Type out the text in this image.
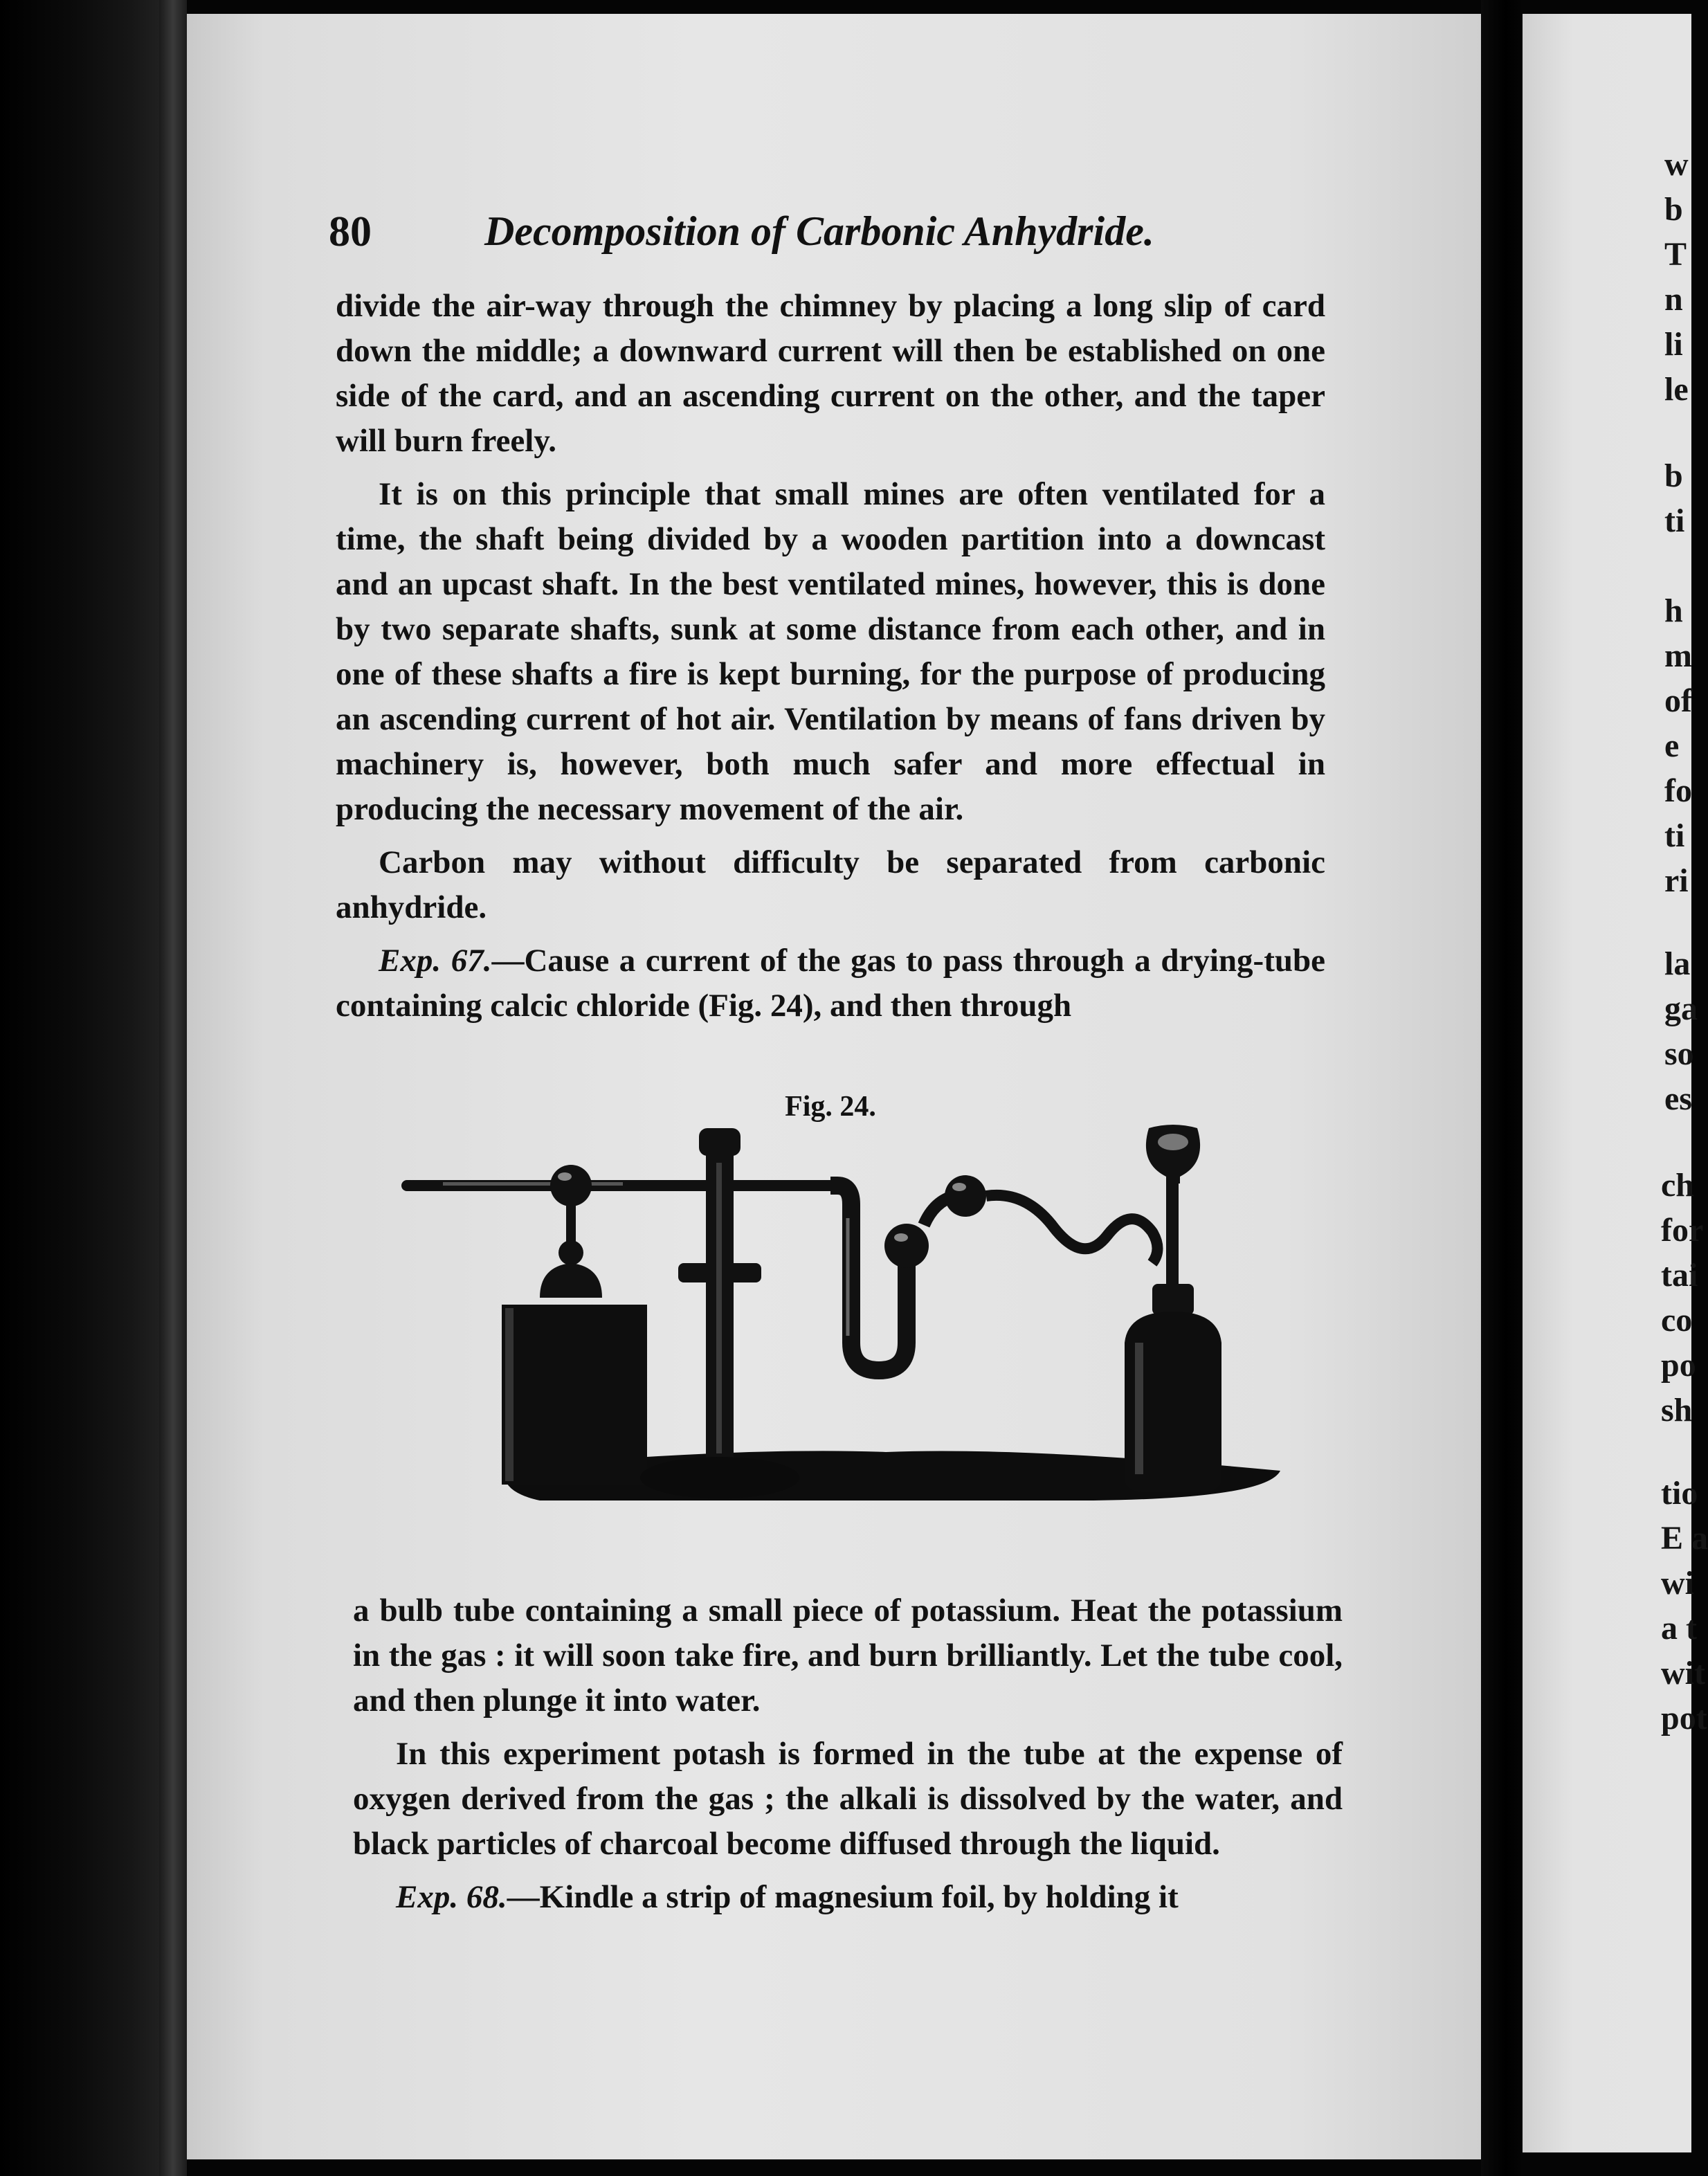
w
b
T
n
li
le
b
ti
h
m
of
e
fo
ti
ri
la
ga
so
es
ch
for
tai
co
po
sh
tio
E a
wi
a t
wit
pot
80	Decomposition of Carbonic Anhydride.

divide the air-way through the chimney by placing a long slip of card down the middle; a downward current will then be established on one side of the card, and an ascending current on the other, and the taper will burn freely.

It is on this principle that small mines are often ventilated for a time, the shaft being divided by a wooden partition into a downcast and an upcast shaft. In the best ventilated mines, however, this is done by two separate shafts, sunk at some distance from each other, and in one of these shafts a fire is kept burning, for the purpose of producing an ascending current of hot air. Ventilation by means of fans driven by machinery is, however, both much safer and more effectual in producing the necessary movement of the air.

Carbon may without difficulty be separated from carbonic anhydride.

Exp. 67.—Cause a current of the gas to pass through a drying-tube containing calcic chloride (Fig. 24), and then through

Fig. 24.

a bulb tube containing a small piece of potassium. Heat the potassium in the gas : it will soon take fire, and burn brilliantly. Let the tube cool, and then plunge it into water.

In this experiment potash is formed in the tube at the expense of oxygen derived from the gas ; the alkali is dissolved by the water, and black particles of charcoal become diffused through the liquid.

Exp. 68.—Kindle a strip of magnesium foil, by holding it
